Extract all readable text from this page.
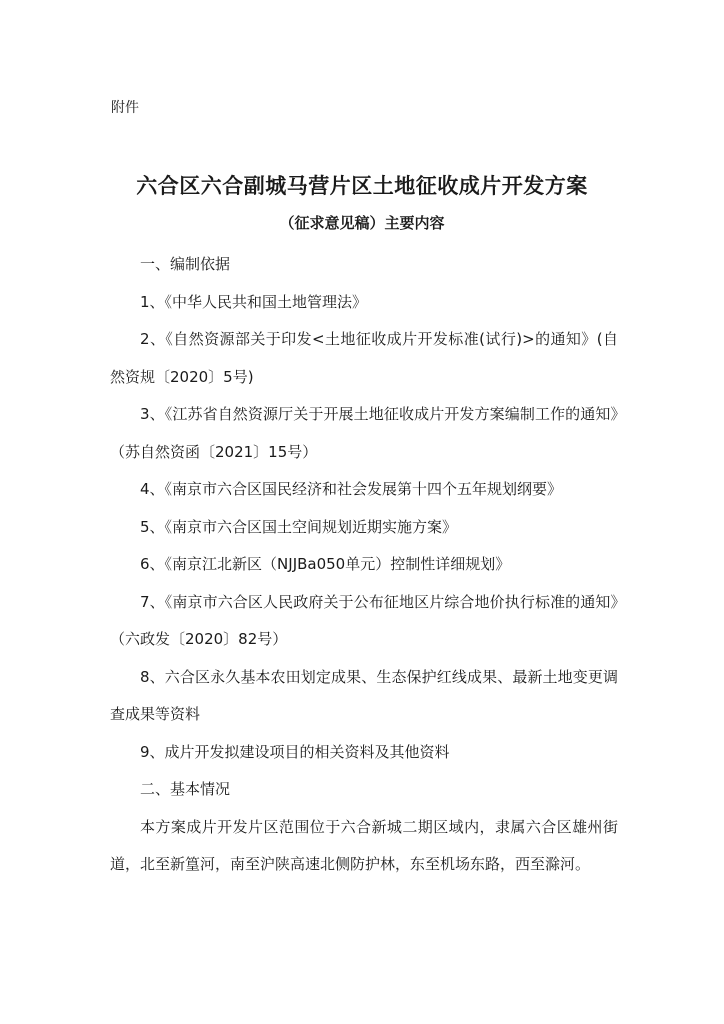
附件
六合区六合副城马营片区土地征收成片开发方案
（征求意见稿）主要内容

一、编制依据

1、《中华人民共和国土地管理法》

2、《自然资源部关于印发<土地征收成片开发标准(试行)>的通知》(自然资规〔2020〕5号)

3、《江苏省自然资源厅关于开展土地征收成片开发方案编制工作的通知》（苏自然资函〔2021〕15号）

4、《南京市六合区国民经济和社会发展第十四个五年规划纲要》

5、《南京市六合区国土空间规划近期实施方案》

6、《南京江北新区（NJJBa050单元）控制性详细规划》

7、《南京市六合区人民政府关于公布征地区片综合地价执行标准的通知》（六政发〔2020〕82号）

8、六合区永久基本农田划定成果、生态保护红线成果、最新土地变更调查成果等资料

9、成片开发拟建设项目的相关资料及其他资料

二、基本情况

本方案成片开发片区范围位于六合新城二期区域内，隶属六合区雄州街道，北至新篁河，南至沪陕高速北侧防护林，东至机场东路，西至滁河。
